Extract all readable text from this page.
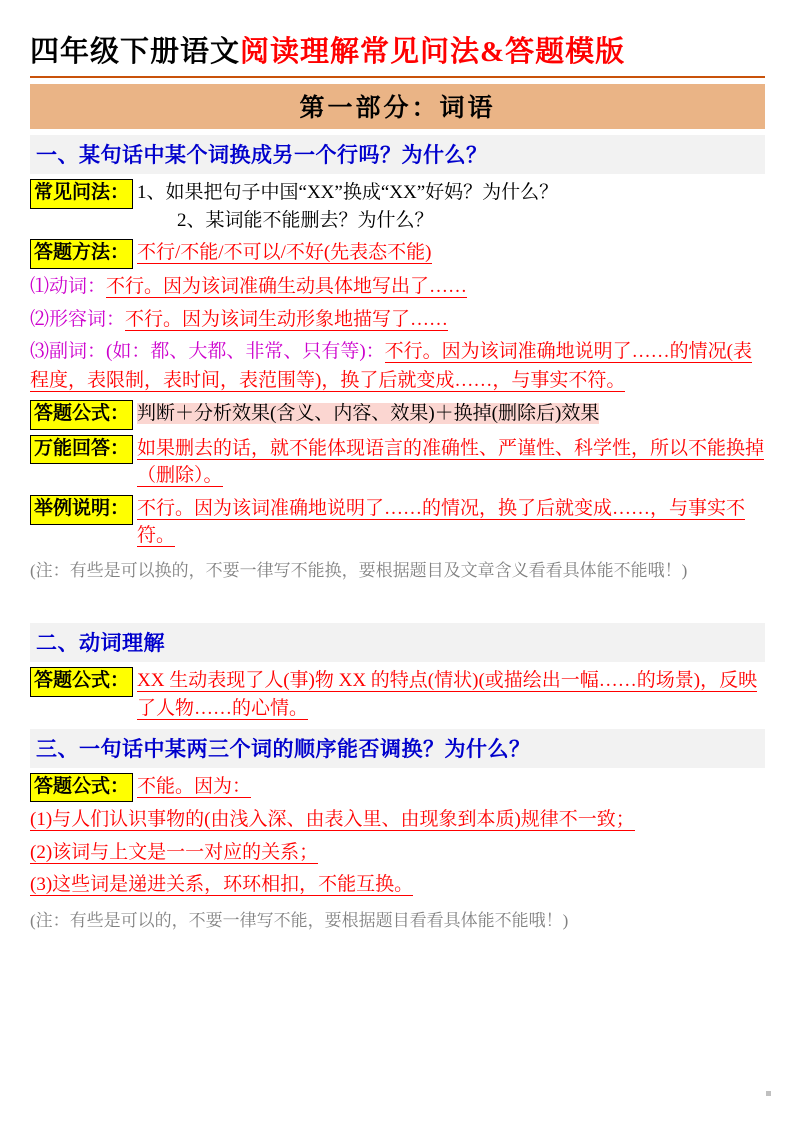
四年级下册语文阅读理解常见问法&答题模版
第一部分：词语
一、某句话中某个词换成另一个行吗？为什么？
常见问法： 1、如果把句子中国“XX”换成“XX”好妈？为什么？
2、某词能不能删去？为什么？
答题方法： 不行/不能/不可以/不好(先表态不能)
⑴动词：不行。因为该词准确生动具体地写出了……
⑵形容词：不行。因为该词生动形象地描写了……
⑶副词：(如：都、大都、非常、只有等)：不行。因为该词准确地说明了……的情况(表程度，表限制，表时间，表范围等)，换了后就变成……，与事实不符。
答题公式： 判断＋分析效果(含义、内容、效果)＋换掉(删除后)效果
万能回答： 如果删去的话，就不能体现语言的准确性、严谨性、科学性，所以不能换掉（删除）。
举例说明： 不行。因为该词准确地说明了……的情况，换了后就变成……，与事实不符。
(注：有些是可以换的，不要一律写不能换，要根据题目及文章含义看看具体能不能哦！)
二、动词理解
答题公式： XX 生动表现了人(事)物 XX 的特点(情状)(或描绘出一幅……的场景)，反映了人物……的心情。
三、一句话中某两三个词的顺序能否调换？为什么？
答题公式： 不能。因为：
(1)与人们认识事物的(由浅入深、由表入里、由现象到本质)规律不一致；
(2)该词与上文是一一对应的关系；
(3)这些词是递进关系，环环相扣，不能互换。
(注：有些是可以的，不要一律写不能，要根据题目看看具体能不能哦！)
